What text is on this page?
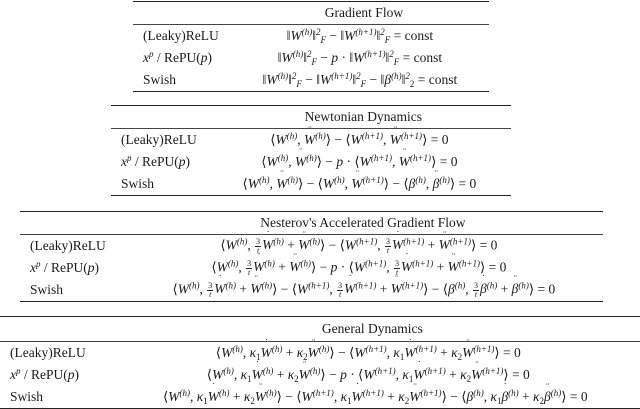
	Gradient Flow
(Leaky)ReLU	$‖W^{(h)}‖^2_F$ − $‖W^{(h+1)}‖^2_F$ = const
$x^p$ / RePU(p)	$‖W^{(h)}‖^2_F - p$ · $‖W^{(h+1)}‖^2_F$ = const
Swish	$‖W^{(h)}‖^2_F$ − $‖W^{(h+1)}‖^2_F$ − $‖\beta^{(h)}‖^2_2$ = const
	Newtonian Dynamics
(Leaky)ReLU	$⟨W^{(h)}$, ¨ $W^{(h)}⟩$ − $⟨W^{(h+1)}$, ¨ $W^{(h+1)}⟩ = 0$
$x^p$ / RePU(p)	$⟨W^{(h)}$, ¨ $W^{(h)}⟩ - p$ · $⟨W^{(h+1)}$, ¨ $W^{(h+1)}⟩ = 0$
Swish	$⟨W^{(h)}$, ¨ $W^{(h)}⟩$ − $⟨W^{(h)}$, ¨ $W^{(h+1)}⟩$ − $⟨\beta^{(h)}$, ¨ $\beta^{(h)}⟩ = 0$
	Nesterov's Accelerated Gradient Flow
(Leaky)ReLU	$⟨W^{(h)}$, $\frac{3}{t}$ ˙ $W^{(h)}$ + ¨ $W^{(h)}⟩$ − $⟨W^{(h+1)}$, $\frac{3}{t}$ ˙ $W^{(h+1)}$ + ¨ $W^{(h+1)}⟩ = 0$
$x^p$ / RePU(p)	$⟨W^{(h)}$, $\frac{3}{t}$ ˙ $W^{(h)}$ + ¨ $W^{(h)}⟩ - p$ · $⟨W^{(h+1)}$, $\frac{3}{t}$ ˙ $W^{(h+1)}$ + ¨ $W^{(h+1)}⟩ = 0$
Swish	$⟨W^{(h)}$, $\frac{3}{t}$ ˙ $W^{(h)}$ + ¨ $W^{(h)}⟩$ − $⟨W^{(h+1)}$, $\frac{3}{t}$ ˙ $W^{(h+1)}$ + ¨ $W^{(h+1)}⟩$ − $⟨\beta^{(h)}$, $\frac{3}{t}$ ˙ $\beta^{(h)}$ + ¨ $\beta^{(h)}⟩ = 0$
	General Dynamics
(Leaky)ReLU	$⟨W^{(h)}$, $\kappa_1˙$ $W^{(h)}$ + $\kappa_2¨$ $W^{(h)}⟩$ − $⟨W^{(h+1)}$, $\kappa_1˙$ $W^{(h+1)}$ + $\kappa_2¨$ $W^{(h+1)}⟩ = 0$
$x^p$ / RePU(p)	$⟨W^{(h)}$, $\kappa_1˙$ $W^{(h)}$ + $\kappa_2¨$ $W^{(h)}⟩ - p$ · $⟨W^{(h+1)}$, $\kappa_1˙$ $W^{(h+1)}$ + $\kappa_2¨$ $W^{(h+1)}⟩ = 0$
Swish	$⟨W^{(h)}$, $\kappa_1˙$ $W^{(h)}$ + $\kappa_2¨$ $W^{(h)}⟩$ − $⟨W^{(h+1)}$, $\kappa_1˙$ $W^{(h+1)}$ + $\kappa_2¨$ $W^{(h+1)}⟩$ − $⟨\beta^{(h)}$, $\kappa_1˙$ $\beta^{(h)}$ + $\kappa_2¨$ $\beta^{(h)}⟩ = 0$
